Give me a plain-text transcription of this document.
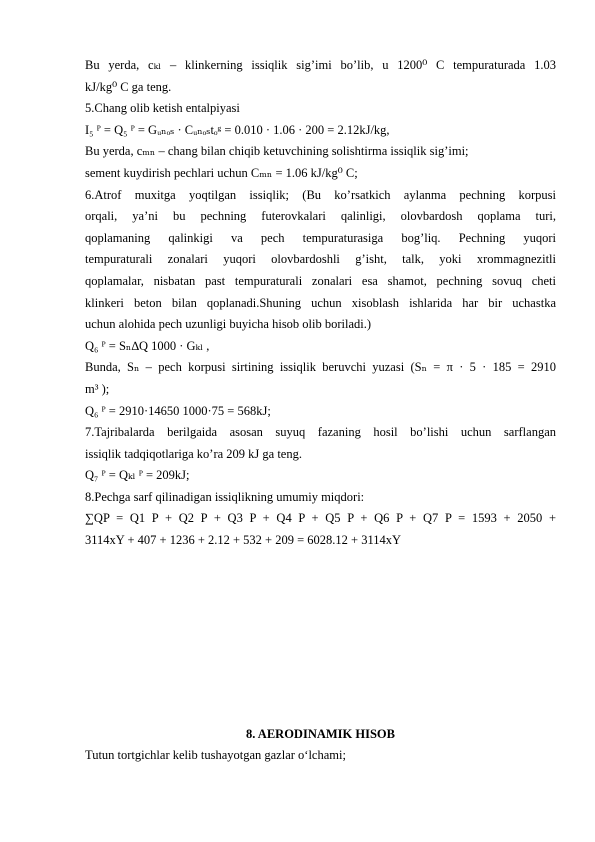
Bu yerda, cₖₗ – klinkerning issiqlik sig’imi bo’lib, u 1200⁰ C tempuraturada 1.03
kJ/kg⁰ C ga teng.
5.Chang olib ketish entalpiyasi
I₅ ᴾ = Q₅ ᴾ = Gᵤₙₒₛ · Cᵤₙₒₛtₒᵍ = 0.010 · 1.06 · 200 = 2.12kJ/kg,
Bu yerda, cₘₙ – chang bilan chiqib ketuvchining solishtirma issiqlik sig’imi;
sement kuydirish pechlari uchun Cₘₙ = 1.06 kJ/kg⁰ C;
6.Atrof muxitga yoqtilgan issiqlik; (Bu ko’rsatkich aylanma pechning korpusi
orqali, ya’ni bu pechning futerovkalari qalinligi, olovbardosh qoplama turi,
qoplamaning qalinkigi va pech tempuraturasiga bog’liq. Pechning yuqori
tempuraturali zonalari yuqori olovbardoshli g’isht, talk, yoki xrommagnezitli
qoplamalar, nisbatan past tempuraturali zonalari esa shamot, pechning sovuq cheti
klinkeri beton bilan qoplanadi.Shuning uchun xisoblash ishlarida har bir uchastka
uchun alohida pech uzunligi buyicha hisob olib boriladi.)
Q₆ ᴾ = Sₙ∆Q 1000 · Gₖₗ ,
Bunda, Sₙ – pech korpusi sirtining issiqlik beruvchi yuzasi (Sₙ = π · 5 · 185 = 2910
m³ );
Q₆ ᴾ = 2910·14650 1000·75 = 568kJ;
7.Tajribalarda berilgaida asosan suyuq fazaning hosil bo’lishi uchun sarflangan
issiqlik tadqiqotlariga ko’ra 209 kJ ga teng.
Q₇ ᴾ = Qₖₗ ᴾ = 209kJ;
8.Pechga sarf qilinadigan issiqlikning umumiy miqdori:
∑QP = Q1 P + Q2 P + Q3 P + Q4 P + Q5 P + Q6 P + Q7 P = 1593 + 2050 +
3114xY + 407 + 1236 + 2.12 + 532 + 209 = 6028.12 + 3114xY
8. AERODINAMIK HISOB
Tutun tortgichlar kelib tushayotgan gazlar o‘lchami;
